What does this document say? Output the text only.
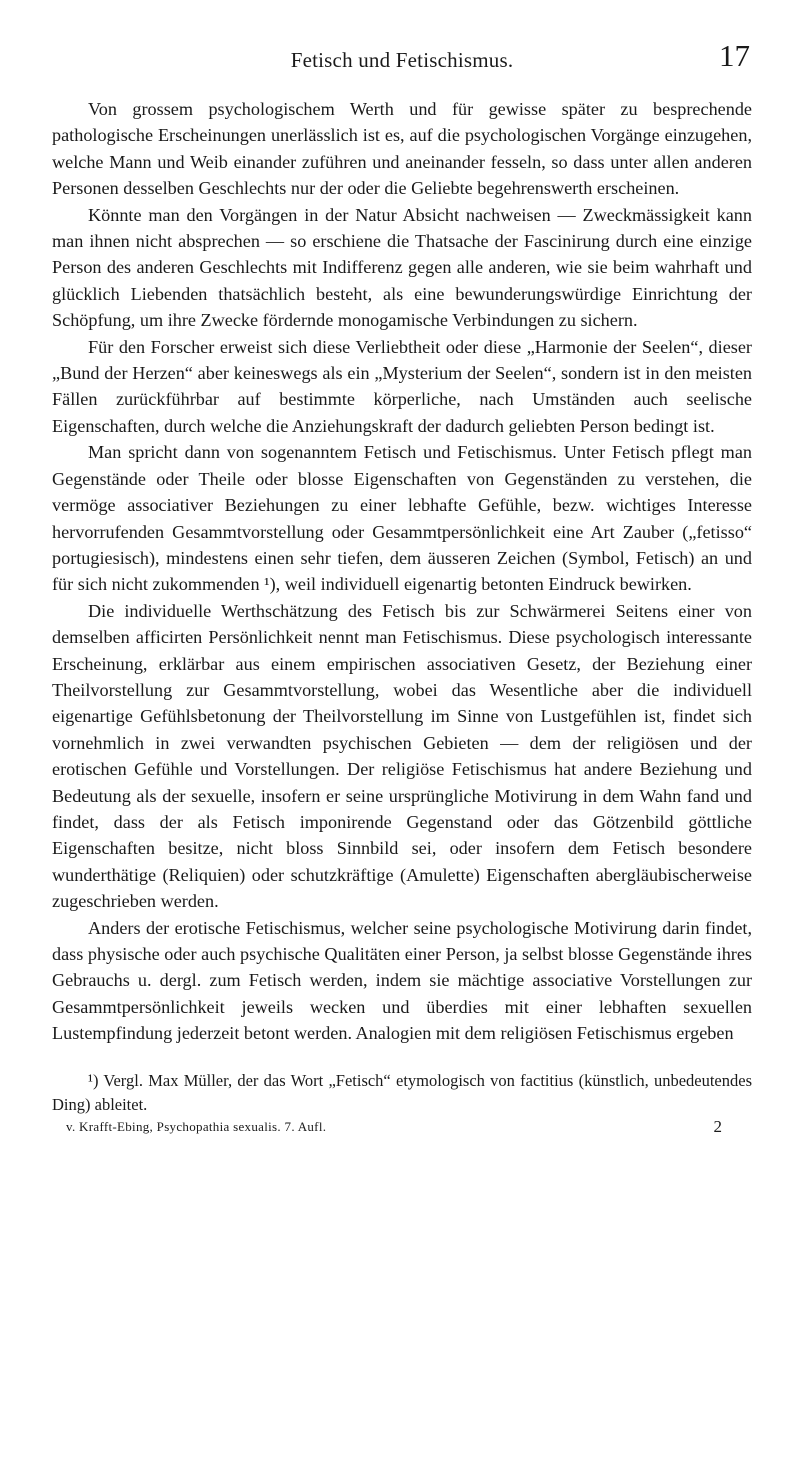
Fetisch und Fetischismus.	17

Von grossem psychologischem Werth und für gewisse später zu besprechende pathologische Erscheinungen unerlässlich ist es, auf die psychologischen Vorgänge einzugehen, welche Mann und Weib einander zuführen und aneinander fesseln, so dass unter allen anderen Personen desselben Geschlechts nur der oder die Geliebte begehrenswerth erscheinen.

Könnte man den Vorgängen in der Natur Absicht nachweisen — Zweckmässigkeit kann man ihnen nicht absprechen — so erschiene die Thatsache der Fascinirung durch eine einzige Person des anderen Geschlechts mit Indifferenz gegen alle anderen, wie sie beim wahrhaft und glücklich Liebenden thatsächlich besteht, als eine bewunderungswürdige Einrichtung der Schöpfung, um ihre Zwecke fördernde monogamische Verbindungen zu sichern.

Für den Forscher erweist sich diese Verliebtheit oder diese „Harmonie der Seelen“, dieser „Bund der Herzen“ aber keineswegs als ein „Mysterium der Seelen“, sondern ist in den meisten Fällen zurückführbar auf bestimmte körperliche, nach Umständen auch seelische Eigenschaften, durch welche die Anziehungskraft der dadurch geliebten Person bedingt ist.

Man spricht dann von sogenanntem Fetisch und Fetischismus. Unter Fetisch pflegt man Gegenstände oder Theile oder blosse Eigenschaften von Gegenständen zu verstehen, die vermöge associativer Beziehungen zu einer lebhafte Gefühle, bezw. wichtiges Interesse hervorrufenden Gesammtvorstellung oder Gesammtpersönlichkeit eine Art Zauber („fetisso“ portugiesisch), mindestens einen sehr tiefen, dem äusseren Zeichen (Symbol, Fetisch) an und für sich nicht zukommenden ¹), weil individuell eigenartig betonten Eindruck bewirken.

Die individuelle Werthschätzung des Fetisch bis zur Schwärmerei Seitens einer von demselben afficirten Persönlichkeit nennt man Fetischismus. Diese psychologisch interessante Erscheinung, erklärbar aus einem empirischen associativen Gesetz, der Beziehung einer Theilvorstellung zur Gesammtvorstellung, wobei das Wesentliche aber die individuell eigenartige Gefühlsbetonung der Theilvorstellung im Sinne von Lustgefühlen ist, findet sich vornehmlich in zwei verwandten psychischen Gebieten — dem der religiösen und der erotischen Gefühle und Vorstellungen. Der religiöse Fetischismus hat andere Beziehung und Bedeutung als der sexuelle, insofern er seine ursprüngliche Motivirung in dem Wahn fand und findet, dass der als Fetisch imponirende Gegenstand oder das Götzenbild göttliche Eigenschaften besitze, nicht bloss Sinnbild sei, oder insofern dem Fetisch besondere wunderthätige (Reliquien) oder schutzkräftige (Amulette) Eigenschaften abergläubischerweise zugeschrieben werden.

Anders der erotische Fetischismus, welcher seine psychologische Motivirung darin findet, dass physische oder auch psychische Qualitäten einer Person, ja selbst blosse Gegenstände ihres Gebrauchs u. dergl. zum Fetisch werden, indem sie mächtige associative Vorstellungen zur Gesammtpersönlichkeit jeweils wecken und überdies mit einer lebhaften sexuellen Lustempfindung jederzeit betont werden. Analogien mit dem religiösen Fetischismus ergeben

¹) Vergl. Max Müller, der das Wort „Fetisch“ etymologisch von factitius (künstlich, unbedeutendes Ding) ableitet.

v. Krafft-Ebing, Psychopathia sexualis. 7. Aufl.	2
